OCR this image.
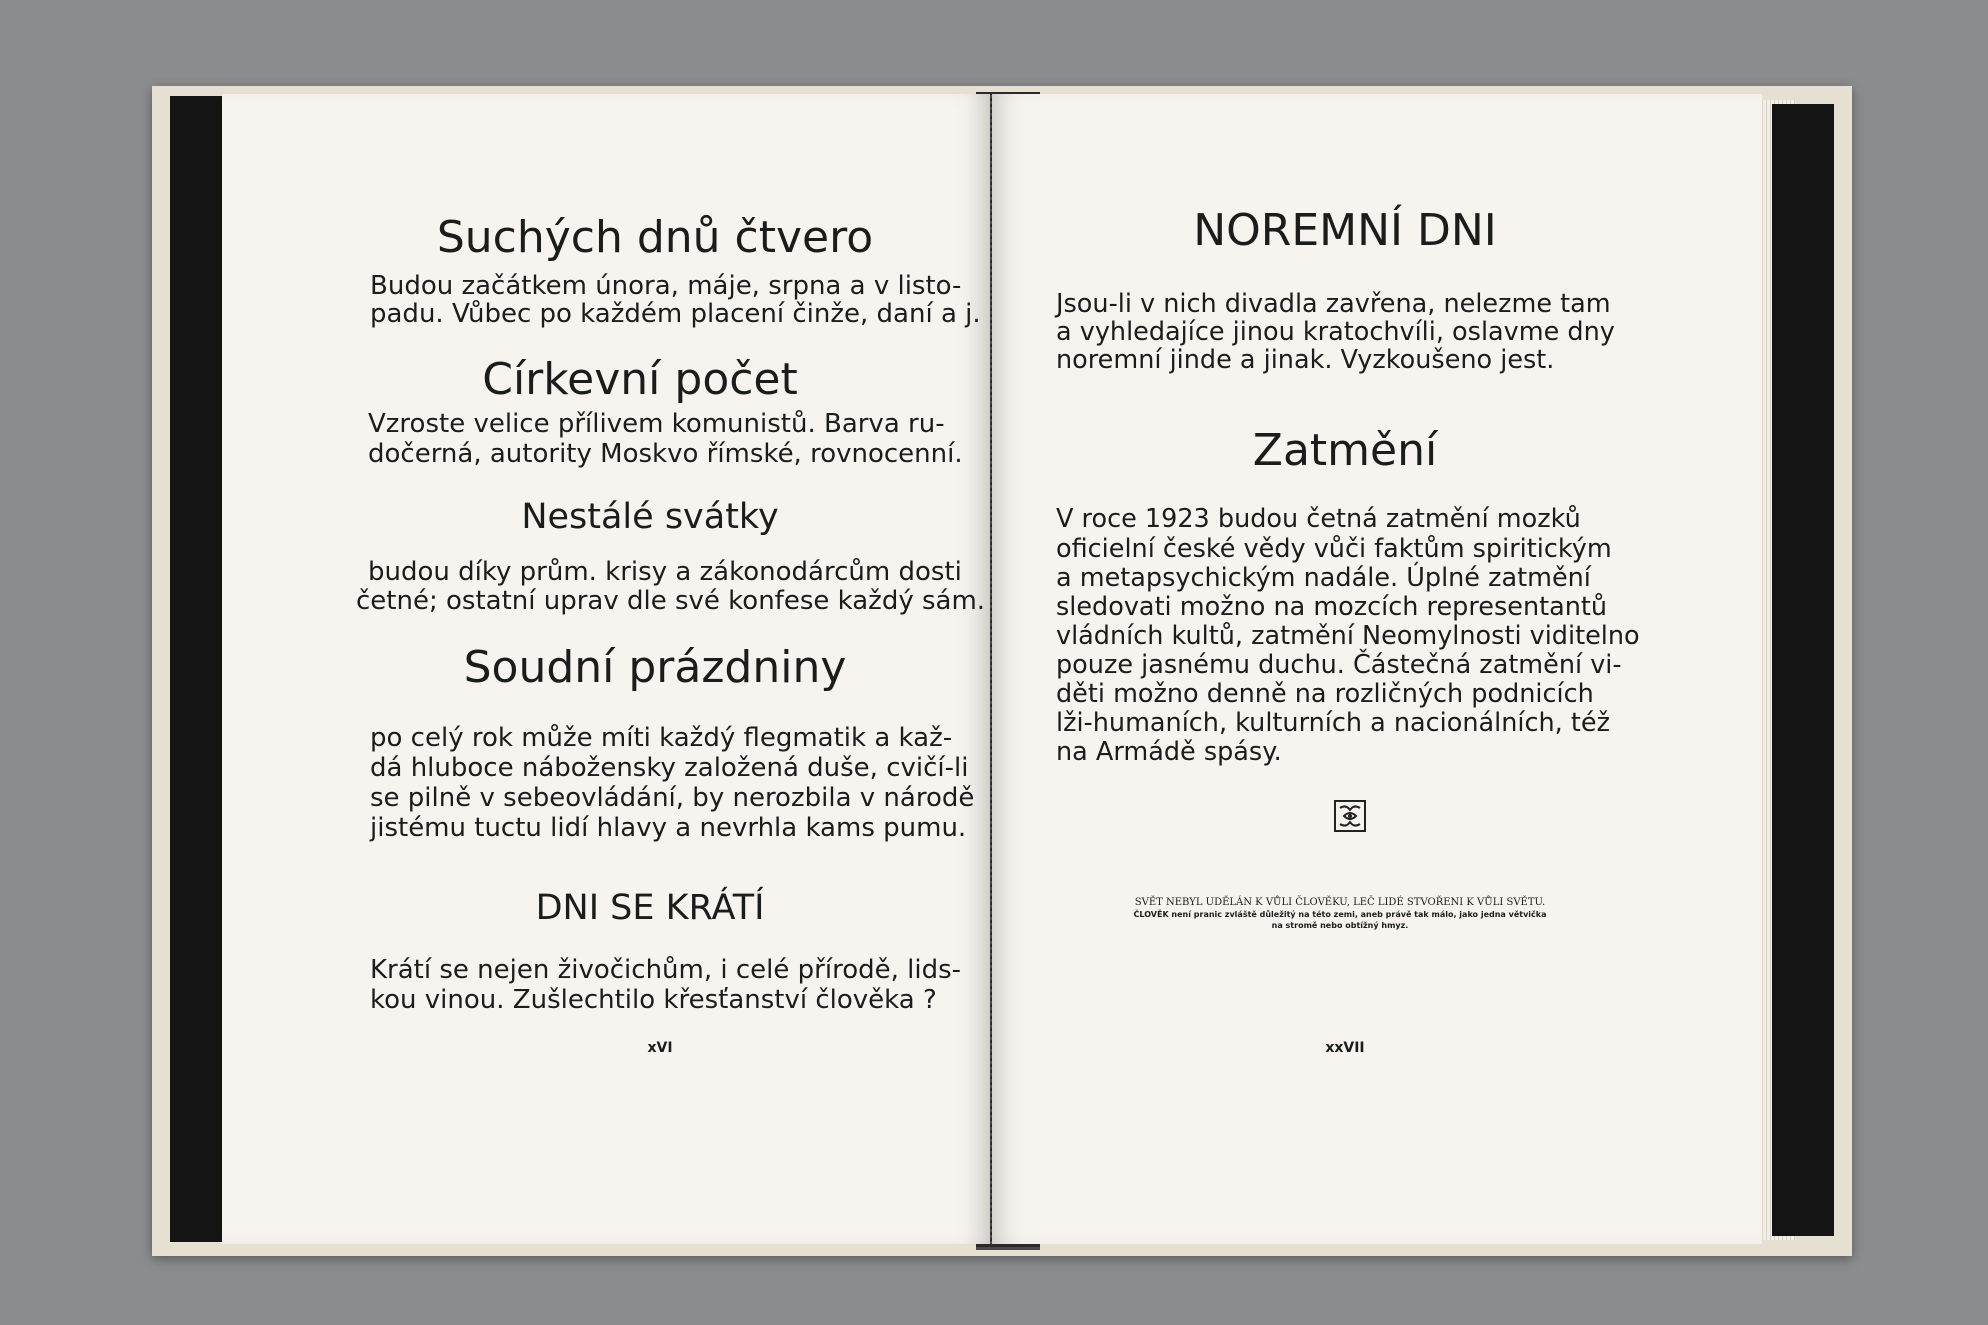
Suchých dnů čtvero
Budou začátkem února, máje, srpna a v listo-
padu. Vůbec po každém placení činže, daní a j.
Církevní počet
Vzroste velice přílivem komunistů. Barva ru-
dočerná, autority Moskvo římské, rovnocenní.
Nestálé svátky
budou díky prům. krisy a zákonodárcům dosti
četné; ostatní uprav dle své konfese každý sám.
Soudní prázdniny
po celý rok může míti každý flegmatik a kaž-
dá hluboce nábožensky založená duše, cvičí-li
se pilně v sebeovládání, by nerozbila v národě
jistému tuctu lidí hlavy a nevrhla kams pumu.
DNI SE KRÁTÍ
Krátí se nejen živočichům, i celé přírodě, lids-
kou vinou. Zušlechtilo křesťanství člověka ?
xVI
NOREMNÍ DNI
Jsou-li v nich divadla zavřena, nelezme tam
a vyhledajíce jinou kratochvíli, oslavme dny
noremní jinde a jinak. Vyzkoušeno jest.
Zatmění
V roce 1923 budou četná zatmění mozků
oficielní české vědy vůči faktům spiritickým
a metapsychickým nadále. Úplné zatmění
sledovati možno na mozcích representantů
vládních kultů, zatmění Neomylnosti viditelno
pouze jasnému duchu. Částečná zatmění vi-
děti možno denně na rozličných podnicích
lži-humaních, kulturních a nacionálních, též
na Armádě spásy.
SVĚT NEBYL UDĚLÁN K VŮLI ČLOVĚKU, LEČ LIDÉ STVOŘENI K VŮLI SVĚTU.
ČLOVĚK není pranic zvláště důležitý na této zemi, aneb právě tak málo, jako jedna větvička
na stromě nebo obtížný hmyz.
xxVII
